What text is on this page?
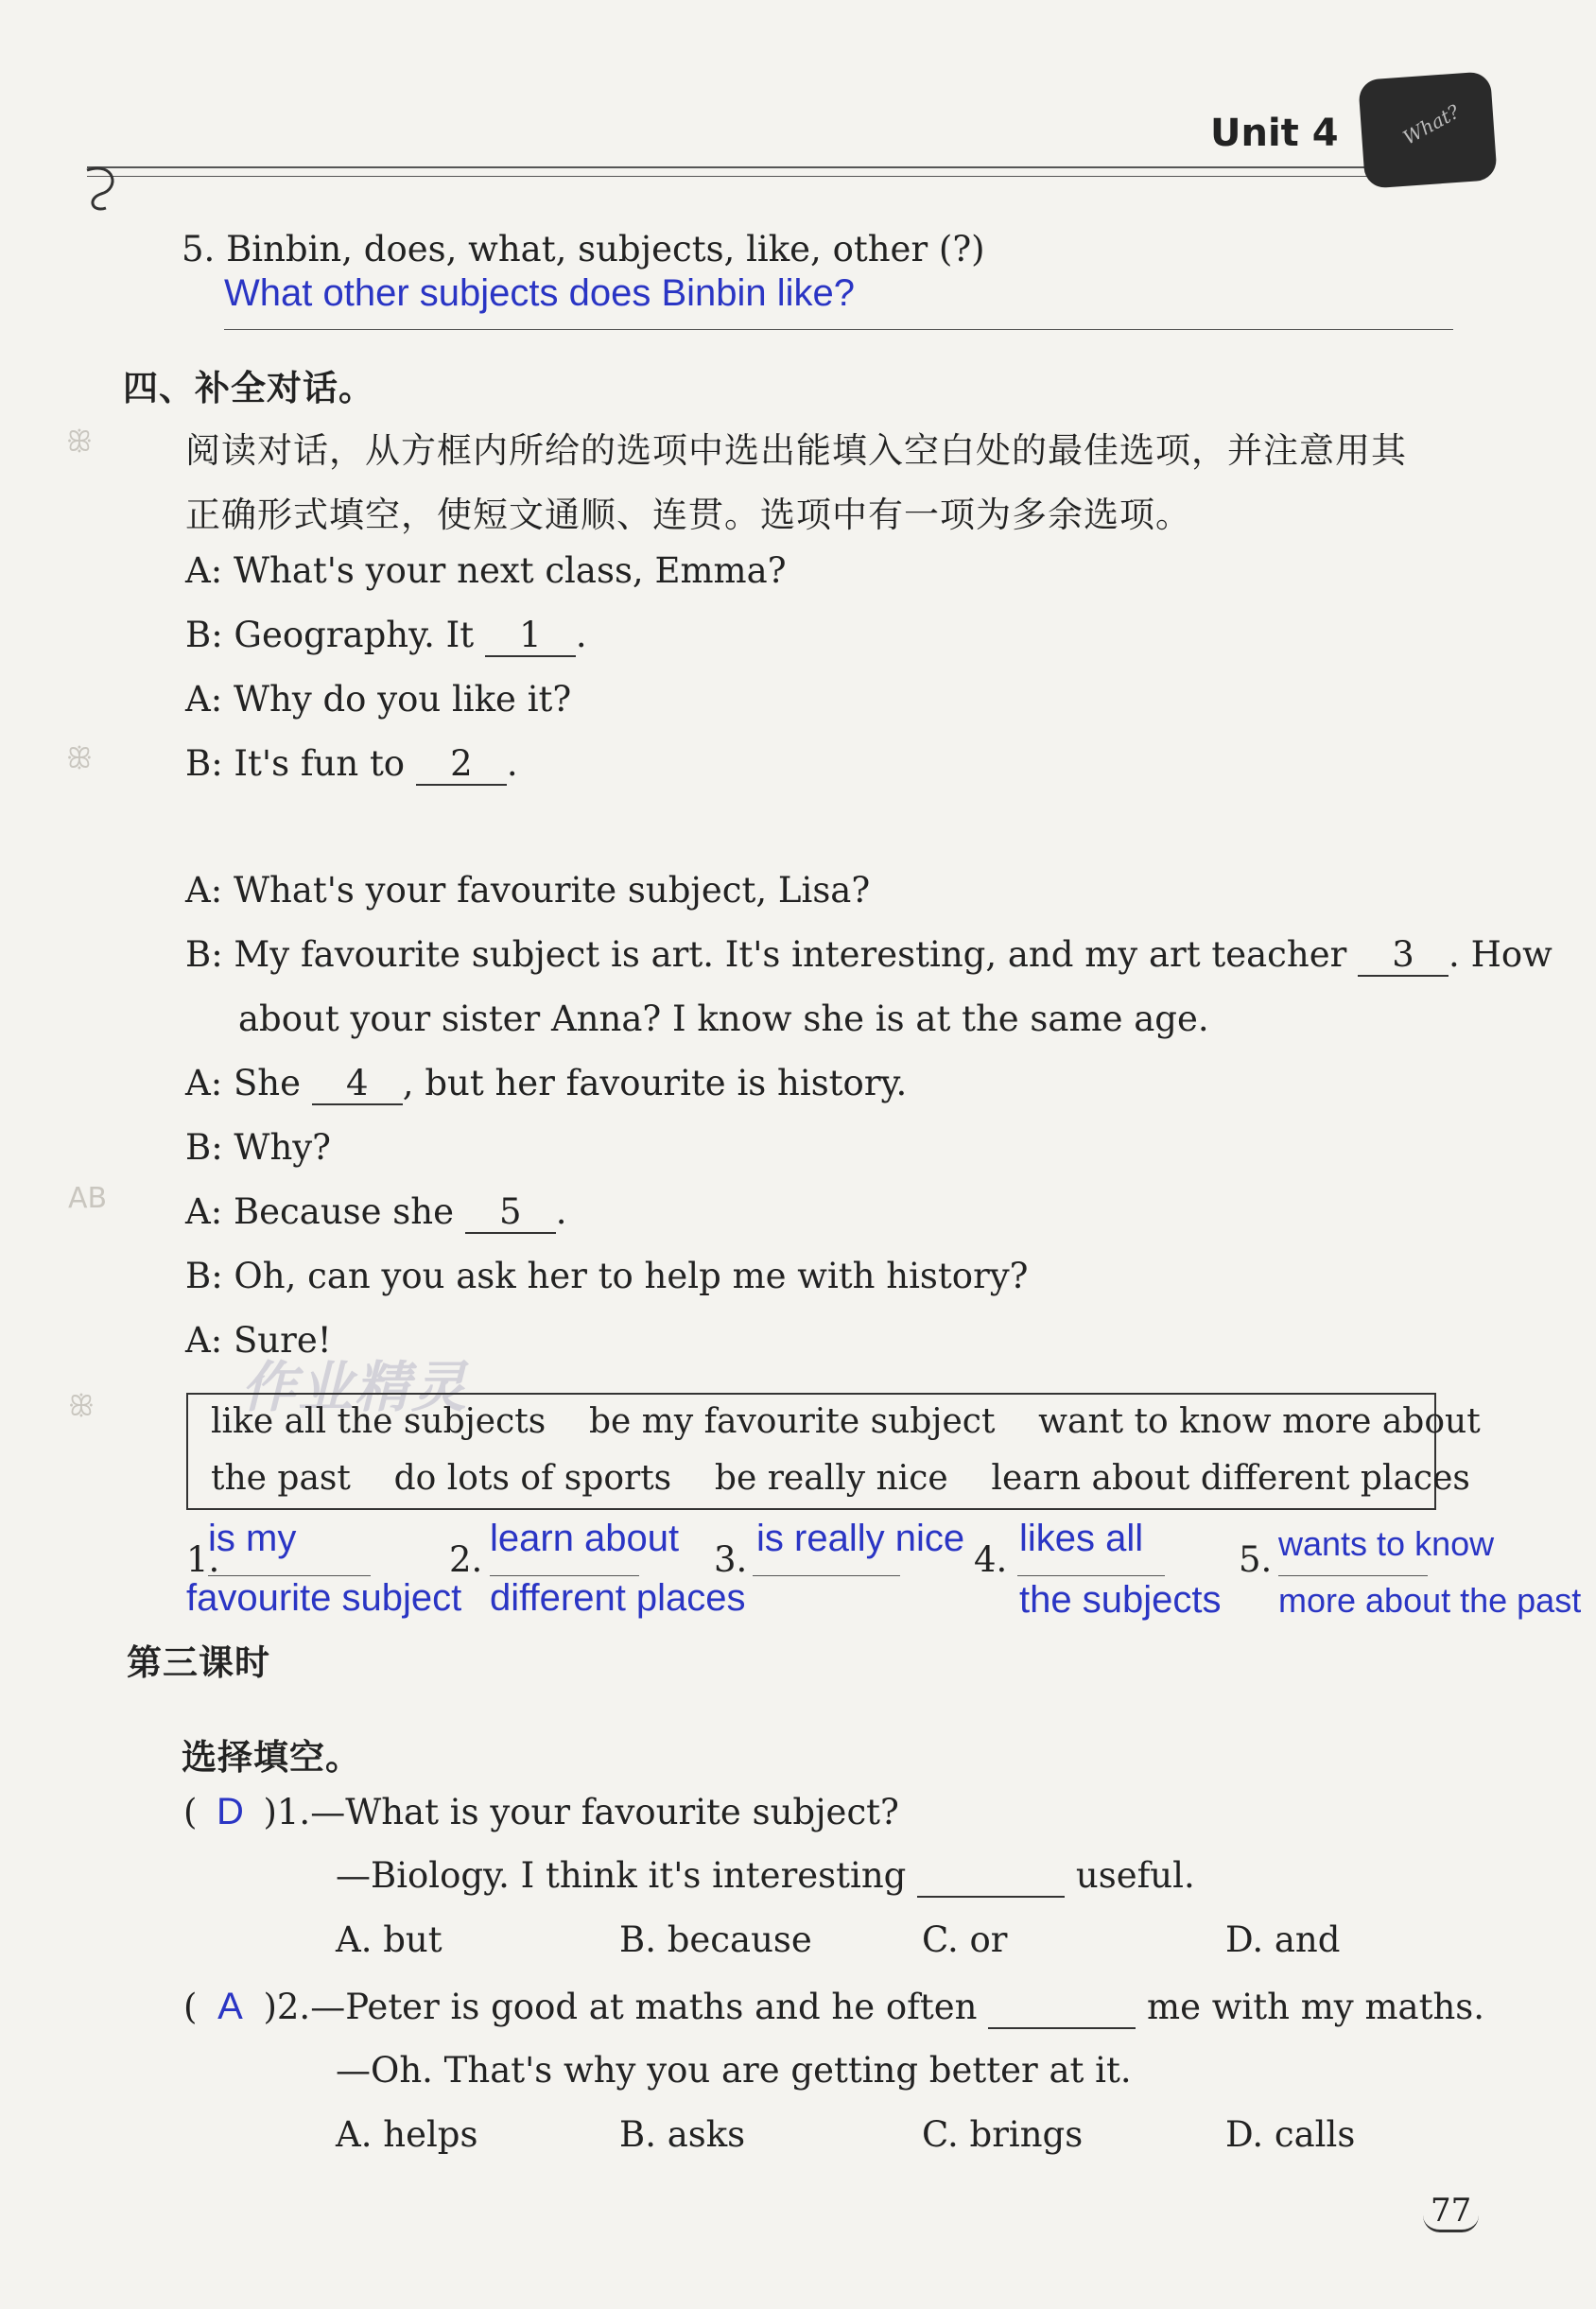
Unit 4	What?
5. Binbin, does, what, subjects, like, other (?)
What other subjects does Binbin like?
四、补全对话。
阅读对话，从方框内所给的选项中选出能填入空白处的最佳选项，并注意用其
正确形式填空，使短文通顺、连贯。选项中有一项为多余选项。
ꕥ
ꕥ
AB
ꕥ
A: What's your next class, Emma?
B: Geography. It 1 .
A: Why do you like it?
B: It's fun to 2 .
A: What's your favourite subject, Lisa?
B: My favourite subject is art. It's interesting, and my art teacher 3 . How
about your sister Anna? I know she is at the same age.
A: She 4 , but her favourite is history.
B: Why?
A: Because she 5 .
B: Oh, can you ask her to help me with history?
A: Sure!
作业精灵
like all the subjects    be my favourite subject    want to know more about
the past    do lots of sports    be really nice    learn about different places
1.
is my
favourite subject
2.
learn about
different places
3.
is really nice
4.
likes all
the subjects
5. wants to know
more about the past
第三课时
选择填空。
( D )1.—What is your favourite subject?
—Biology. I think it's interesting	useful.
A. but	B. because	C. or	D. and
( A )2.—Peter is good at maths and he often	me with my maths.
—Oh. That's why you are getting better at it.
A. helps	B. asks	C. brings	D. calls
77
